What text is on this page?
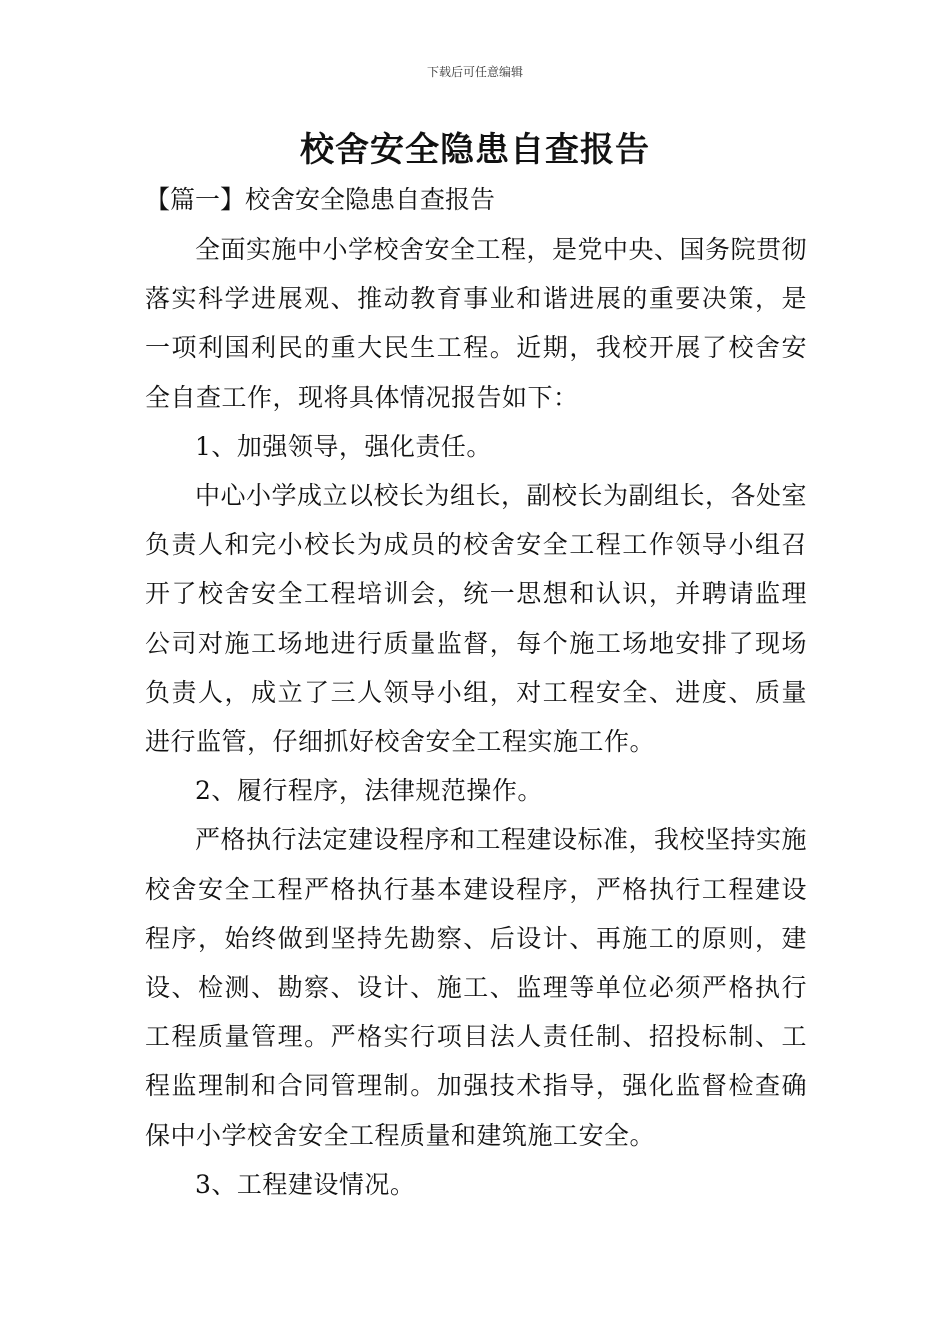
下载后可任意编辑
校舍安全隐患自查报告
【篇一】校舍安全隐患自查报告

全面实施中小学校舍安全工程，是党中央、国务院贯彻落实科学进展观、推动教育事业和谐进展的重要决策，是一项利国利民的重大民生工程。近期，我校开展了校舍安全自查工作，现将具体情况报告如下：

1、加强领导，强化责任。

中心小学成立以校长为组长，副校长为副组长，各处室负责人和完小校长为成员的校舍安全工程工作领导小组召开了校舍安全工程培训会，统一思想和认识，并聘请监理公司对施工场地进行质量监督，每个施工场地安排了现场负责人，成立了三人领导小组，对工程安全、进度、质量进行监管，仔细抓好校舍安全工程实施工作。

2、履行程序，法律规范操作。

严格执行法定建设程序和工程建设标准，我校坚持实施校舍安全工程严格执行基本建设程序，严格执行工程建设程序，始终做到坚持先勘察、后设计、再施工的原则，建设、检测、勘察、设计、施工、监理等单位必须严格执行工程质量管理。严格实行项目法人责任制、招投标制、工程监理制和合同管理制。加强技术指导，强化监督检查确保中小学校舍安全工程质量和建筑施工安全。

3、工程建设情况。
